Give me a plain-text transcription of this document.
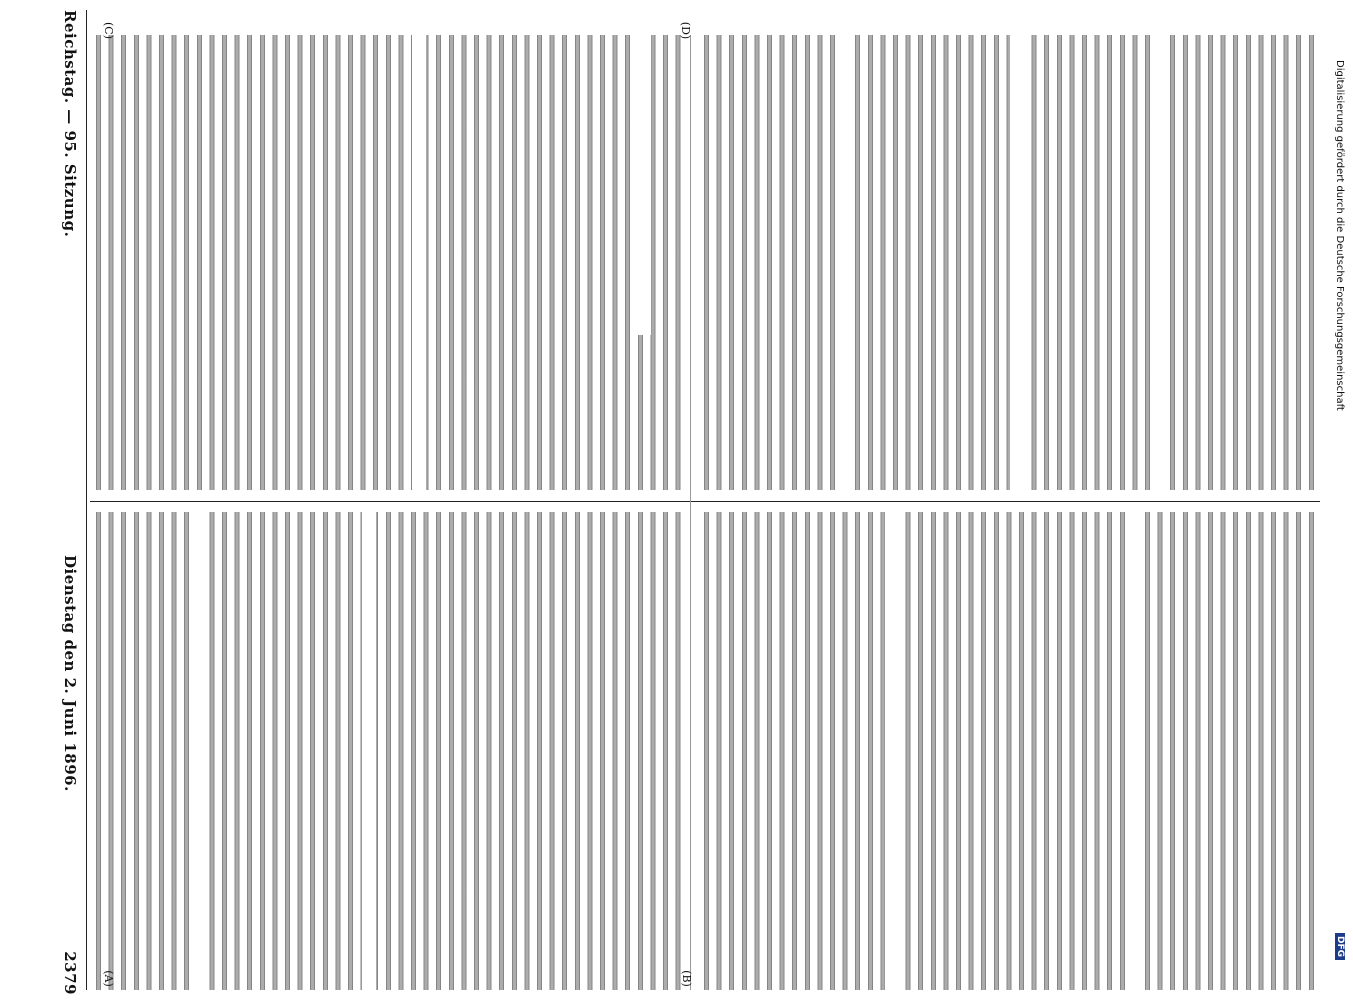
Reichstag. — 95. Sitzung.
Dienstag den 2. Juni 1896.
2379 (A)	(B)
(C)	(D)
Digitalisierung gefördert durch die Deutsche Forschungsgemeinschaft
DFG
